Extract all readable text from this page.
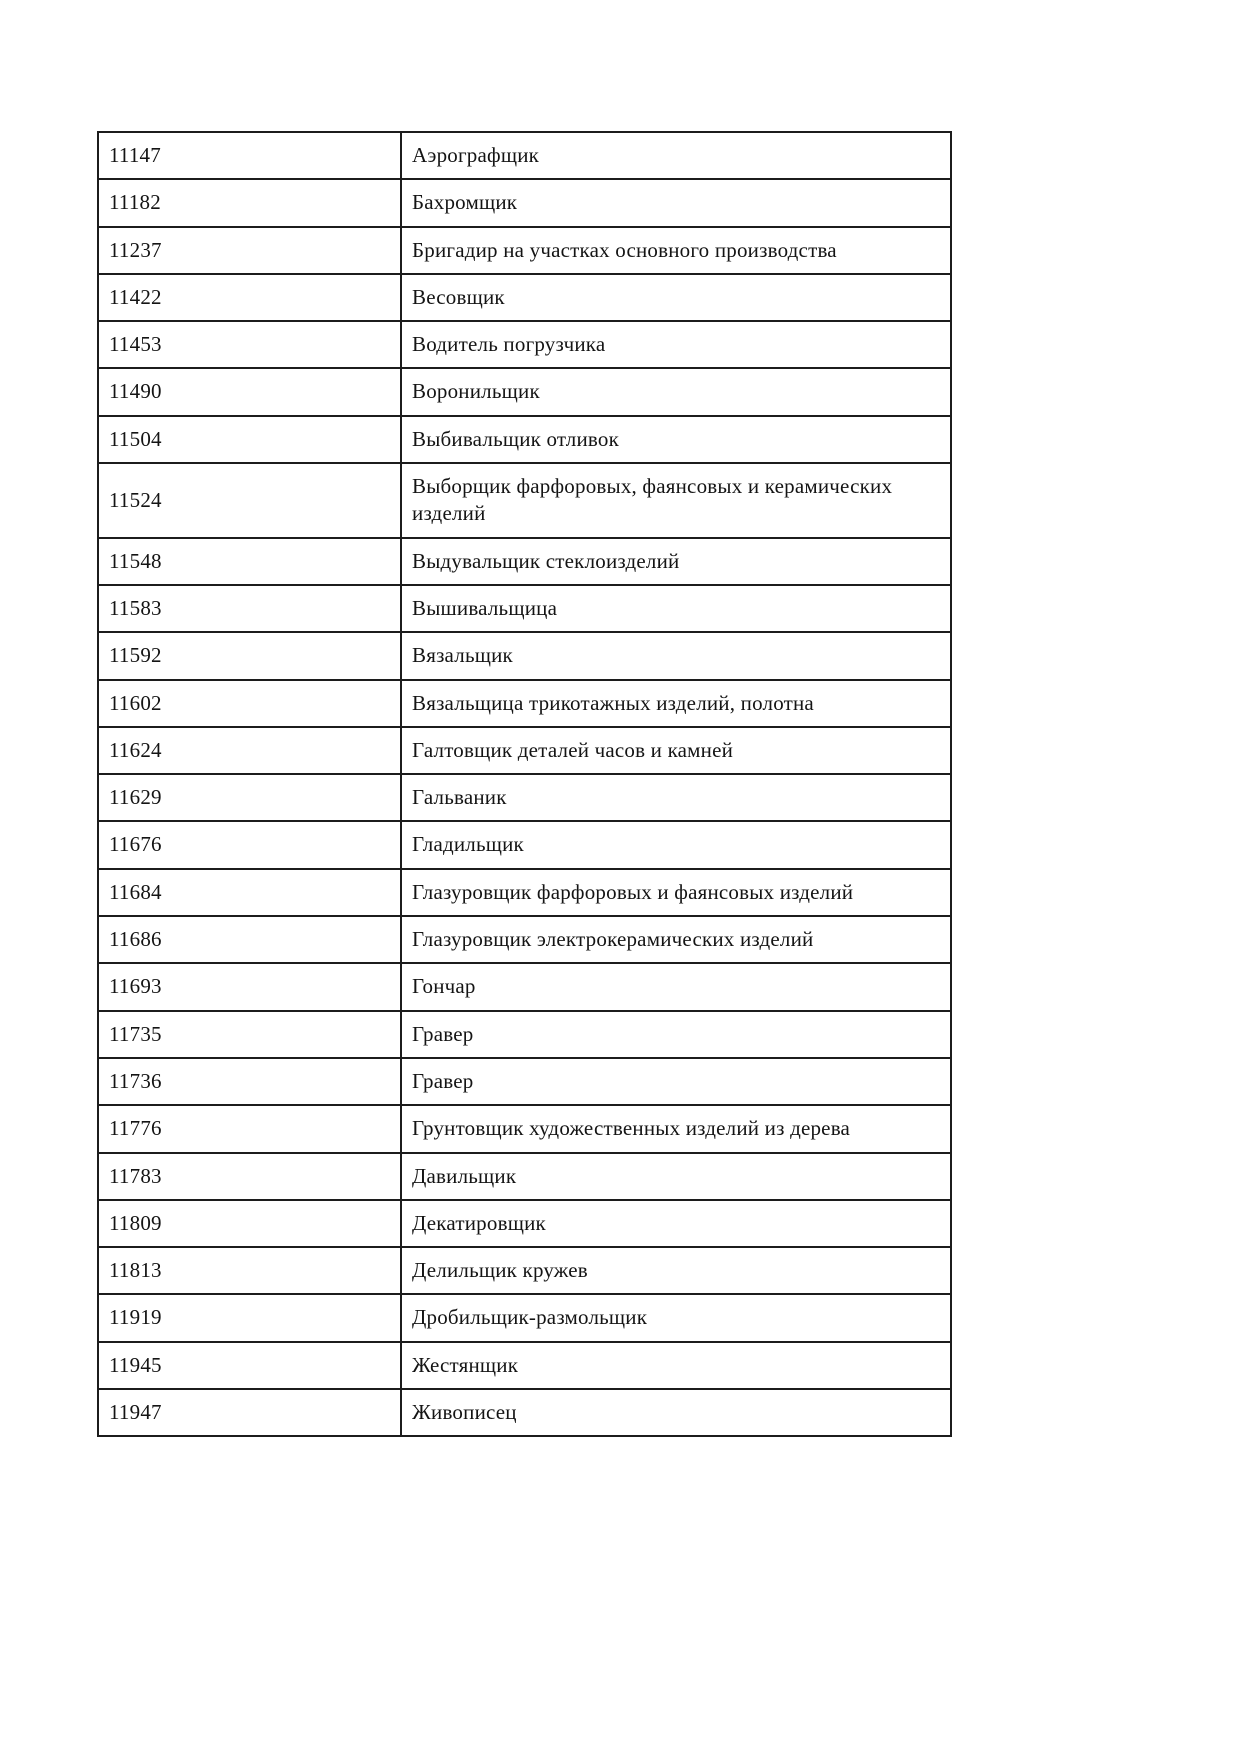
11147	Аэрографщик
11182	Бахромщик
11237	Бригадир на участках основного производства
11422	Весовщик
11453	Водитель погрузчика
11490	Воронильщик
11504	Выбивальщик отливок
11524	Выборщик фарфоровых, фаянсовых и керамических изделий
11548	Выдувальщик стеклоизделий
11583	Вышивальщица
11592	Вязальщик
11602	Вязальщица трикотажных изделий, полотна
11624	Галтовщик деталей часов и камней
11629	Гальваник
11676	Гладильщик
11684	Глазуровщик фарфоровых и фаянсовых изделий
11686	Глазуровщик электрокерамических изделий
11693	Гончар
11735	Гравер
11736	Гравер
11776	Грунтовщик художественных изделий из дерева
11783	Давильщик
11809	Декатировщик
11813	Делильщик кружев
11919	Дробильщик-размольщик
11945	Жестянщик
11947	Живописец
